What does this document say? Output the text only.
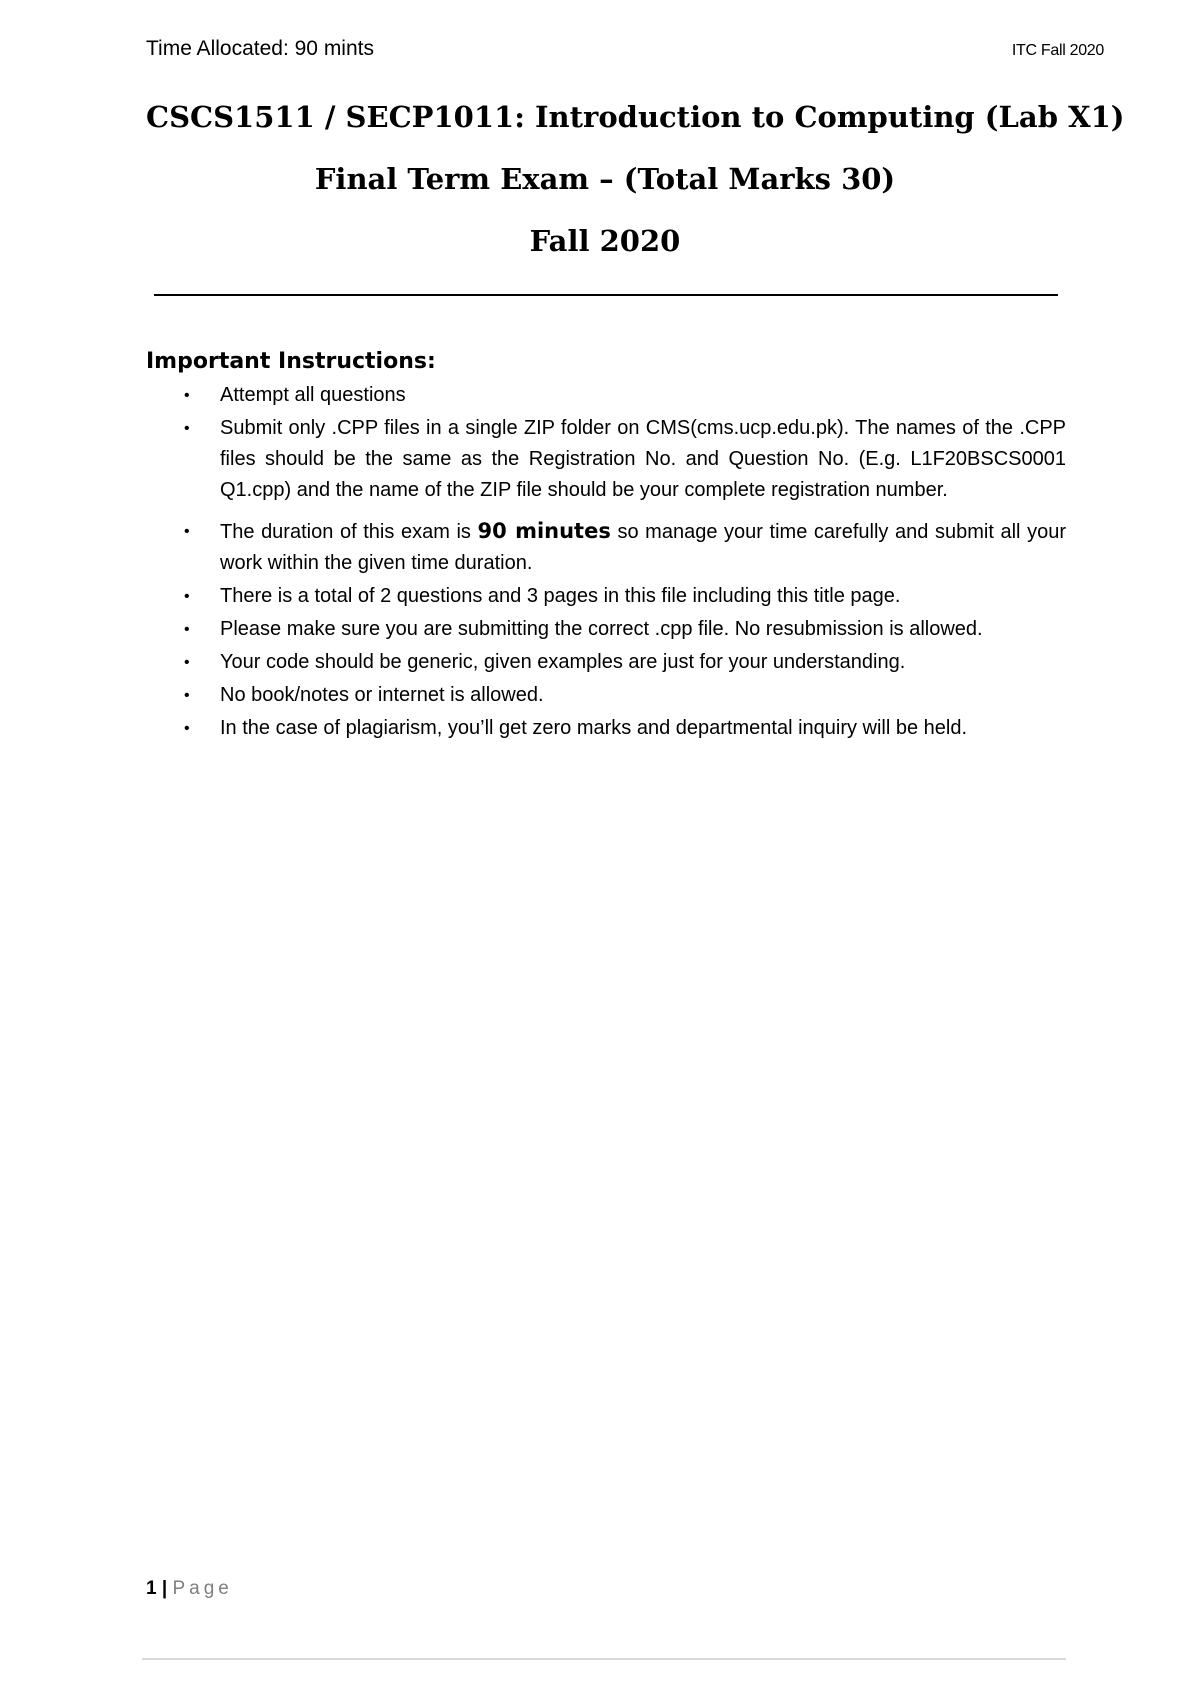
Time Allocated: 90 mints	ITC Fall 2020
CSCS1511 / SECP1011: Introduction to Computing (Lab X1)
Final Term Exam – (Total Marks 30)
Fall 2020
Important Instructions:
• Attempt all questions
• Submit only .CPP files in a single ZIP folder on CMS(cms.ucp.edu.pk). The names of the .CPP files should be the same as the Registration No. and Question No. (E.g. L1F20BSCS0001 Q1.cpp) and the name of the ZIP file should be your complete registration number.
• The duration of this exam is 90 minutes so manage your time carefully and submit all your work within the given time duration.
• There is a total of 2 questions and 3 pages in this file including this title page.
• Please make sure you are submitting the correct .cpp file. No resubmission is allowed.
• Your code should be generic, given examples are just for your understanding.
• No book/notes or internet is allowed.
• In the case of plagiarism, you’ll get zero marks and departmental inquiry will be held.
1 | Page
